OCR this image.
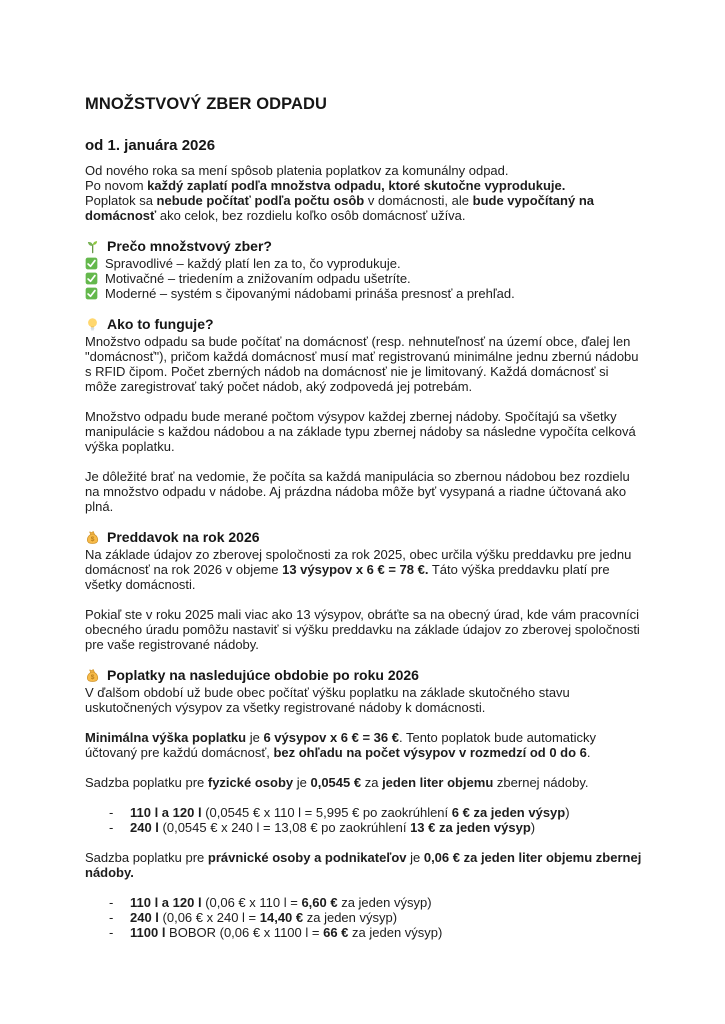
MNOŽSTVOVÝ ZBER ODPADU
od 1. januára 2026

Od nového roka sa mení spôsob platenia poplatkov za komunálny odpad.
Po novom každý zaplatí podľa množstva odpadu, ktoré skutočne vyprodukuje.
Poplatok sa nebude počítať podľa počtu osôb v domácnosti, ale bude vypočítaný na domácnosť ako celok, bez rozdielu koľko osôb domácnosť užíva.

Prečo množstvový zber?
Spravodlivé – každý platí len za to, čo vyprodukuje.
Motivačné – triedením a znižovaním odpadu ušetríte.
Moderné – systém s čipovanými nádobami prináša presnosť a prehľad.
Ako to funguje?

Množstvo odpadu sa bude počítať na domácnosť (resp. nehnuteľnosť na území obce, ďalej len "domácnosť"), pričom každá domácnosť musí mať registrovanú minimálne jednu zbernú nádobu s RFID čipom. Počet zberných nádob na domácnosť nie je limitovaný. Každá domácnosť si môže zaregistrovať taký počet nádob, aký zodpovedá jej potrebám.

Množstvo odpadu bude merané počtom výsypov každej zbernej nádoby. Spočítajú sa všetky manipulácie s každou nádobou a na základe typu zbernej nádoby sa následne vypočíta celková výška poplatku.

Je dôležité brať na vedomie, že počíta sa každá manipulácia so zbernou nádobou bez rozdielu na množstvo odpadu v nádobe. Aj prázdna nádoba môže byť vysypaná a riadne účtovaná ako plná.

$ Preddavok na rok 2026

Na základe údajov zo zberovej spoločnosti za rok 2025, obec určila výšku preddavku pre jednu domácnosť na rok 2026 v objeme 13 výsypov x 6 € = 78 €. Táto výška preddavku platí pre všetky domácnosti.

Pokiaľ ste v roku 2025 mali viac ako 13 výsypov, obráťte sa na obecný úrad, kde vám pracovníci obecného úradu pomôžu nastaviť si výšku preddavku na základe údajov zo zberovej spoločnosti pre vaše registrované nádoby.

$ Poplatky na nasledujúce obdobie po roku 2026

V ďalšom období už bude obec počítať výšku poplatku na základe skutočného stavu uskutočnených výsypov za všetky registrované nádoby k domácnosti.

Minimálna výška poplatku je 6 výsypov x 6 € = 36 €. Tento poplatok bude automaticky účtovaný pre každú domácnosť, bez ohľadu na počet výsypov v rozmedzí od 0 do 6.

Sadzba poplatku pre fyzické osoby je 0,0545 € za jeden liter objemu zbernej nádoby.

- 110 l a 120 l (0,0545 € x 110 l = 5,995 € po zaokrúhlení 6 € za jeden výsyp)
- 240 l (0,0545 € x 240 l = 13,08 € po zaokrúhlení 13 € za jeden výsyp)

Sadzba poplatku pre právnické osoby a podnikateľov je 0,06 € za jeden liter objemu zbernej nádoby.

- 110 l a 120 l (0,06 € x 110 l = 6,60 € za jeden výsyp)
- 240 l (0,06 € x 240 l = 14,40 € za jeden výsyp)
- 1100 l BOBOR (0,06 € x 1100 l = 66 € za jeden výsyp)
